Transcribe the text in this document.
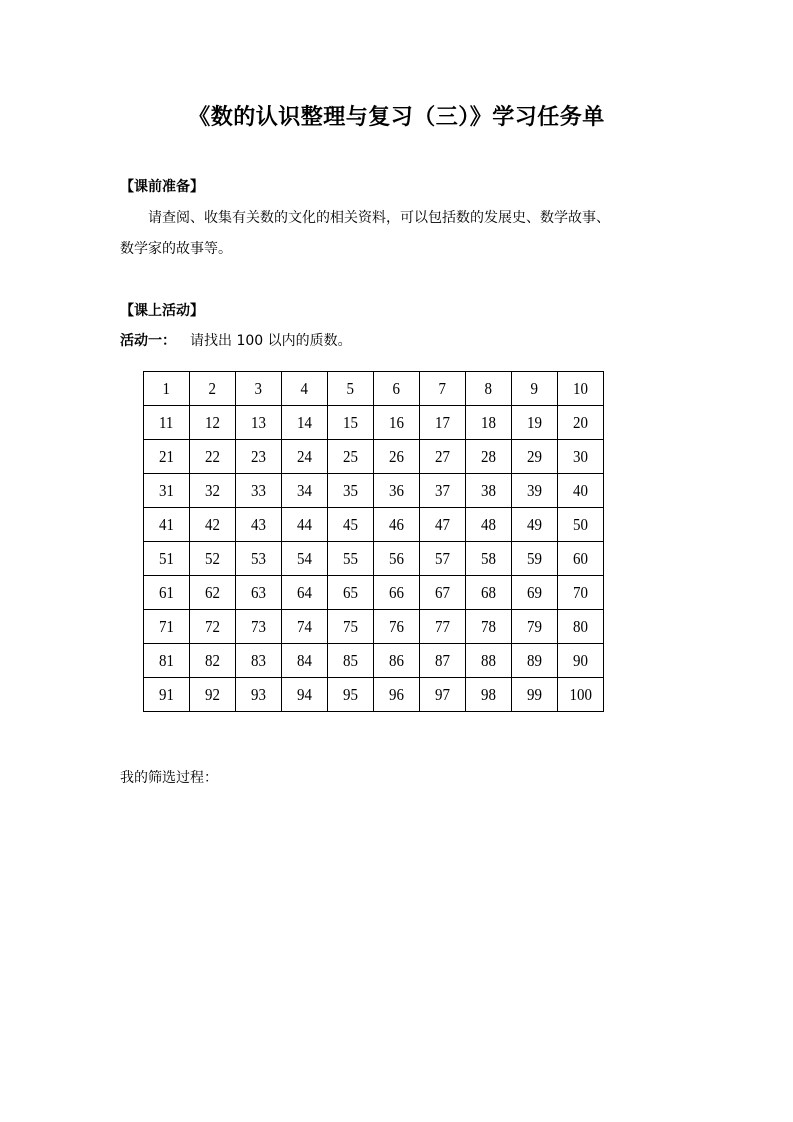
《数的认识整理与复习（三）》学习任务单
【课前准备】
请查阅、收集有关数的文化的相关资料，可以包括数的发展史、数学故事、
数学家的故事等。
【课上活动】
活动一： 请找出 100 以内的质数。
1	2	3	4	5	6	7	8	9	10
11	12	13	14	15	16	17	18	19	20
21	22	23	24	25	26	27	28	29	30
31	32	33	34	35	36	37	38	39	40
41	42	43	44	45	46	47	48	49	50
51	52	53	54	55	56	57	58	59	60
61	62	63	64	65	66	67	68	69	70
71	72	73	74	75	76	77	78	79	80
81	82	83	84	85	86	87	88	89	90
91	92	93	94	95	96	97	98	99	100
我的筛选过程：
